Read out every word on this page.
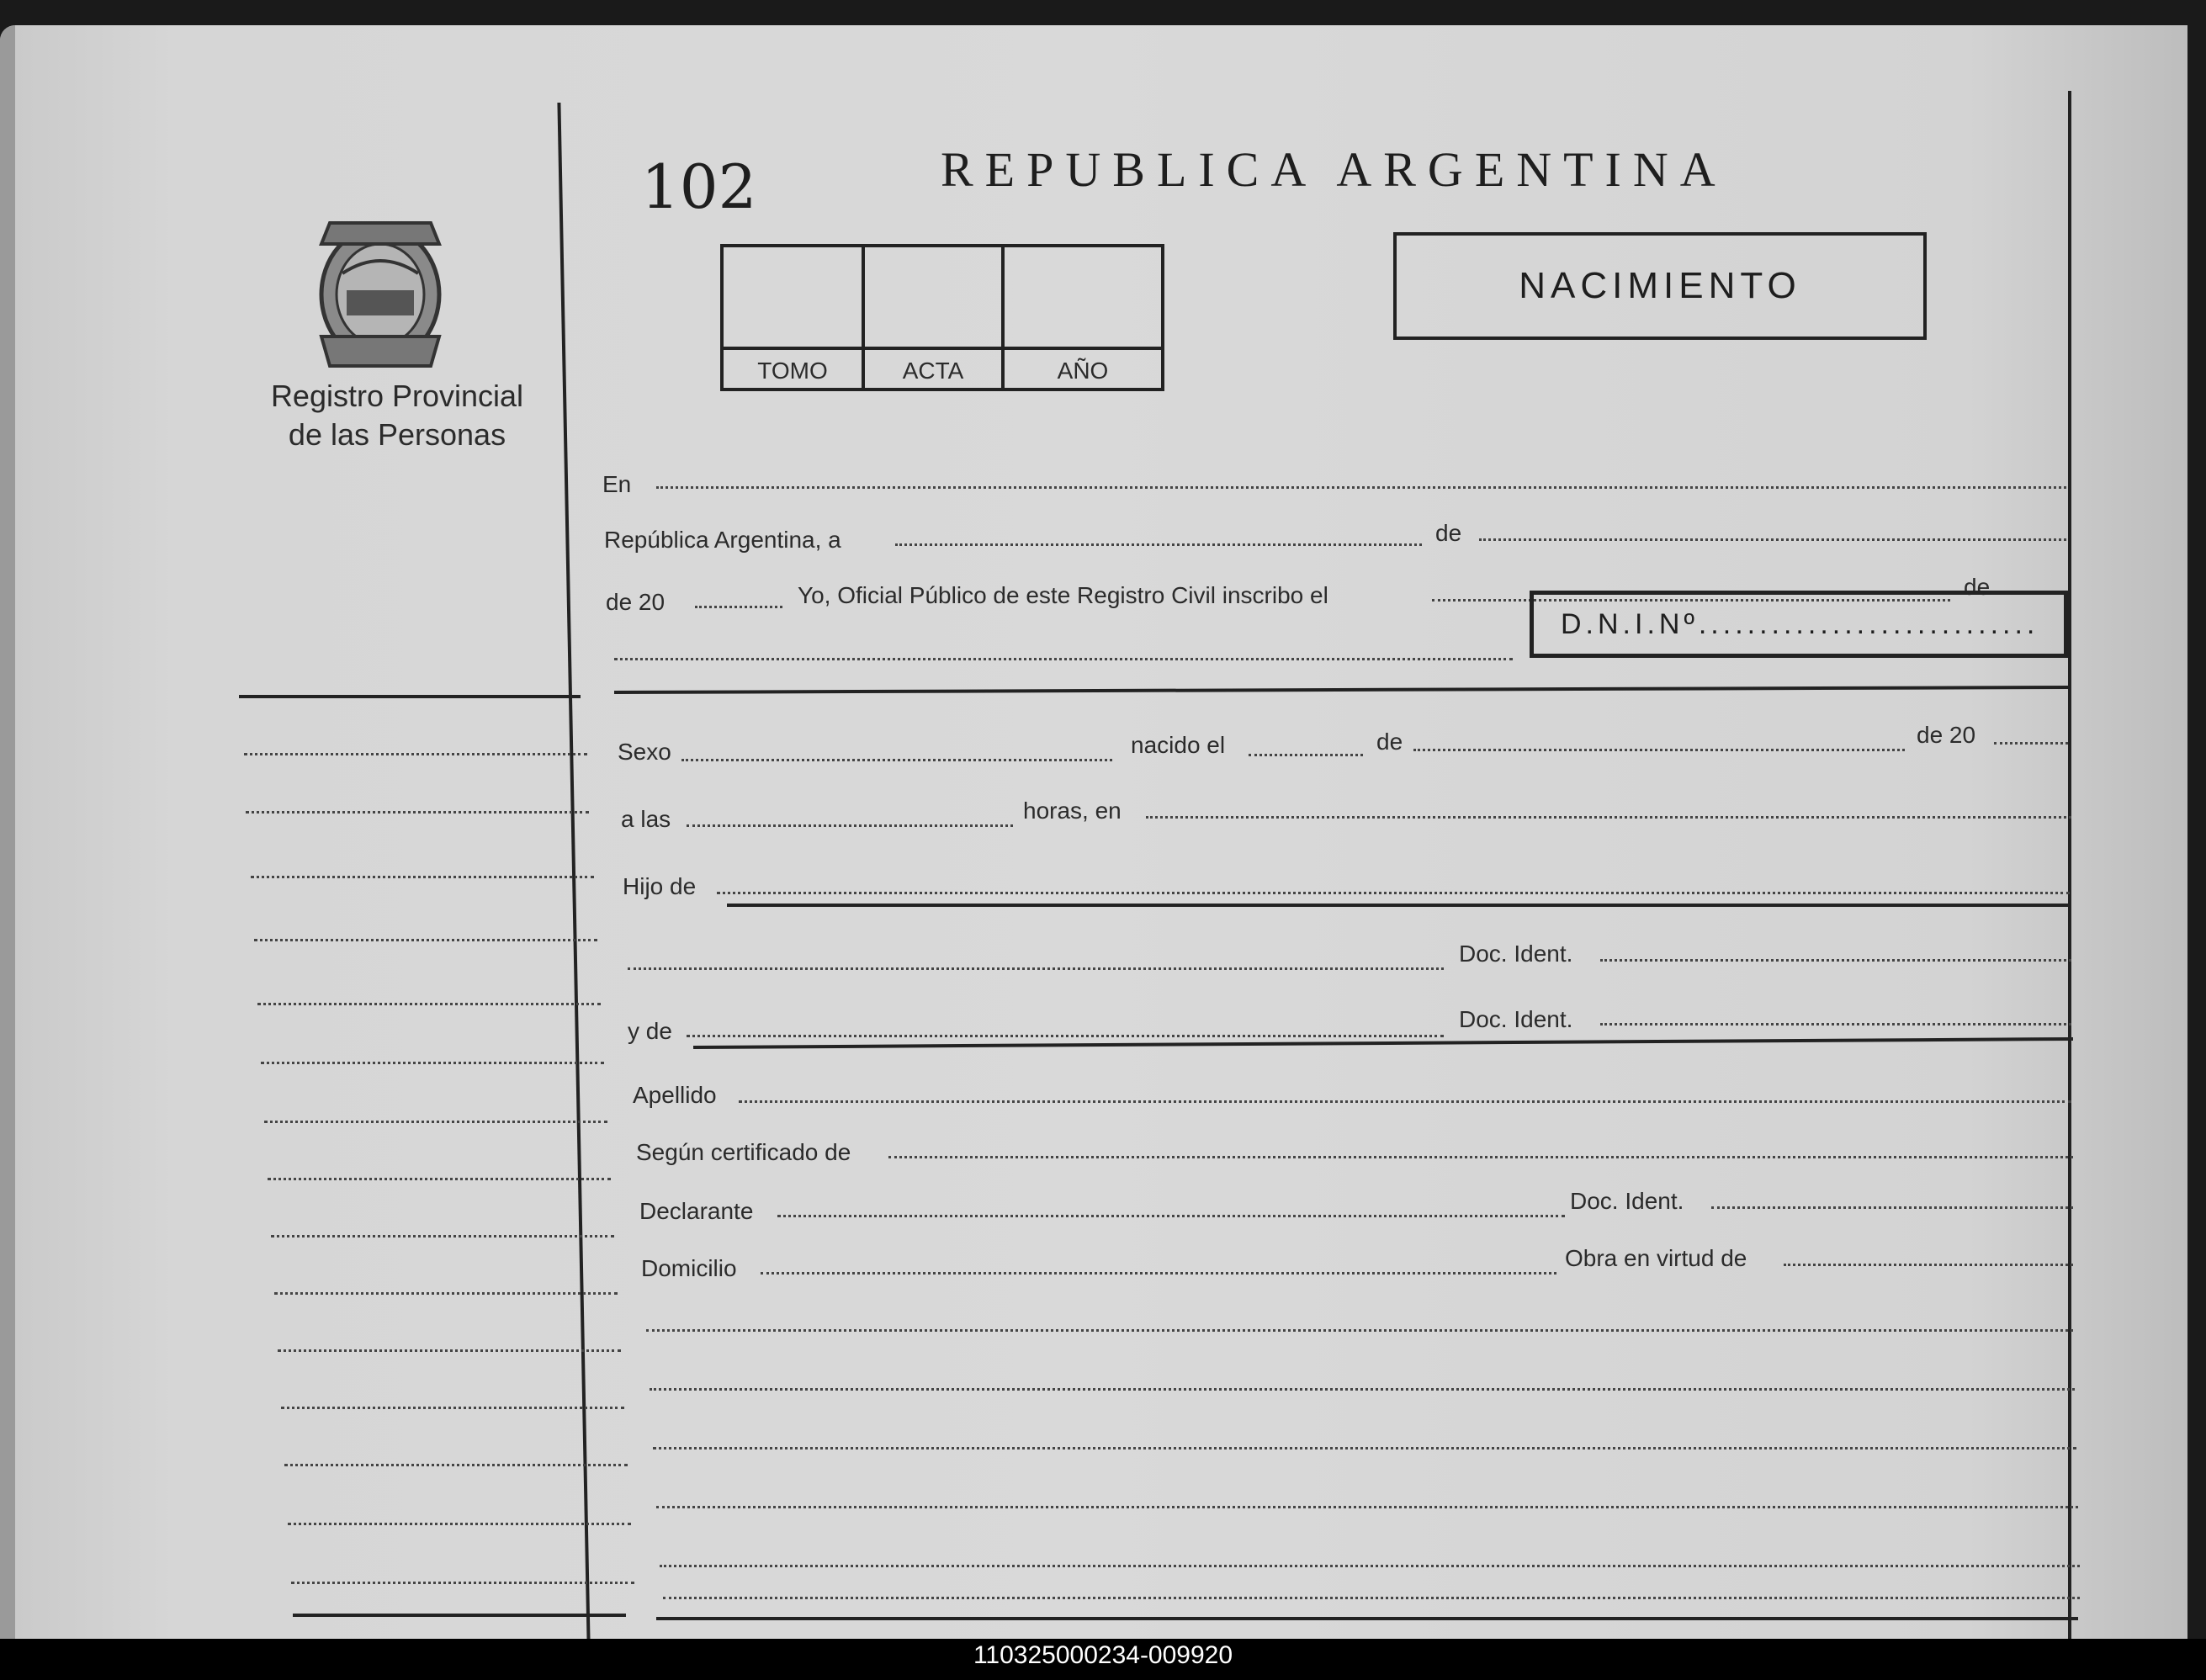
Registro Provincial
de las Personas
102	REPUBLICA ARGENTINA
TOMO	ACTA	AÑO
NACIMIENTO
En
República Argentina, a	de
de 20	Yo, Oficial Público de este Registro Civil inscribo el	de
D.N.I.Nº............................
Sexo	nacido el	de	de 20
a las	horas, en
Hijo de
Doc. Ident.
y de	Doc. Ident.
Apellido
Según certificado de
Declarante	Doc. Ident.
Domicilio	Obra en virtud de
110325000234-009920
